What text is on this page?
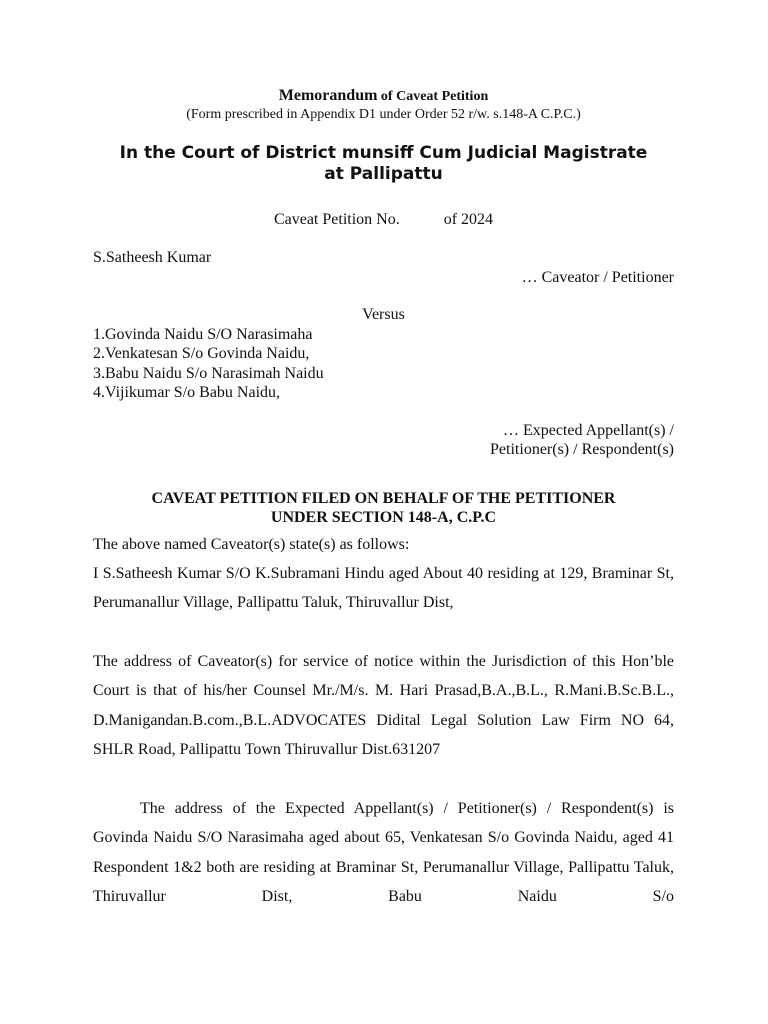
Memorandum of Caveat Petition

(Form prescribed in Appendix D1 under Order 52 r/w. s.148-A C.P.C.)

In the Court of District munsiff Cum Judicial Magistrate
at Pallipattu

Caveat Petition No.	of 2024

S.Satheesh Kumar

… Caveator / Petitioner

Versus

1.Govinda Naidu S/O Narasimaha

2.Venkatesan S/o Govinda Naidu,

3.Babu Naidu S/o Narasimah Naidu

4.Vijikumar S/o Babu Naidu,

… Expected Appellant(s) /

Petitioner(s) / Respondent(s)

CAVEAT PETITION FILED ON BEHALF OF THE PETITIONER
UNDER SECTION 148-A, C.P.C

The above named Caveator(s) state(s) as follows:

I S.Satheesh Kumar S/O K.Subramani Hindu aged About 40 residing at 129, Braminar St, Perumanallur Village, Pallipattu Taluk, Thiruvallur Dist,

The address of Caveator(s) for service of notice within the Jurisdiction of this Hon’ble Court is that of his/her Counsel Mr./M/s. M. Hari Prasad,B.A.,B.L., R.Mani.B.Sc.B.L., D.Manigandan.B.com.,B.L.ADVOCATES Didital Legal Solution Law Firm NO 64, SHLR Road, Pallipattu Town Thiruvallur Dist.631207

The address of the Expected Appellant(s) / Petitioner(s) / Respondent(s) is Govinda Naidu S/O Narasimaha aged about 65, Venkatesan S/o Govinda Naidu, aged 41 Respondent 1&2 both are residing at Braminar St, Perumanallur Village, Pallipattu Taluk, Thiruvallur Dist, Babu Naidu S/o
